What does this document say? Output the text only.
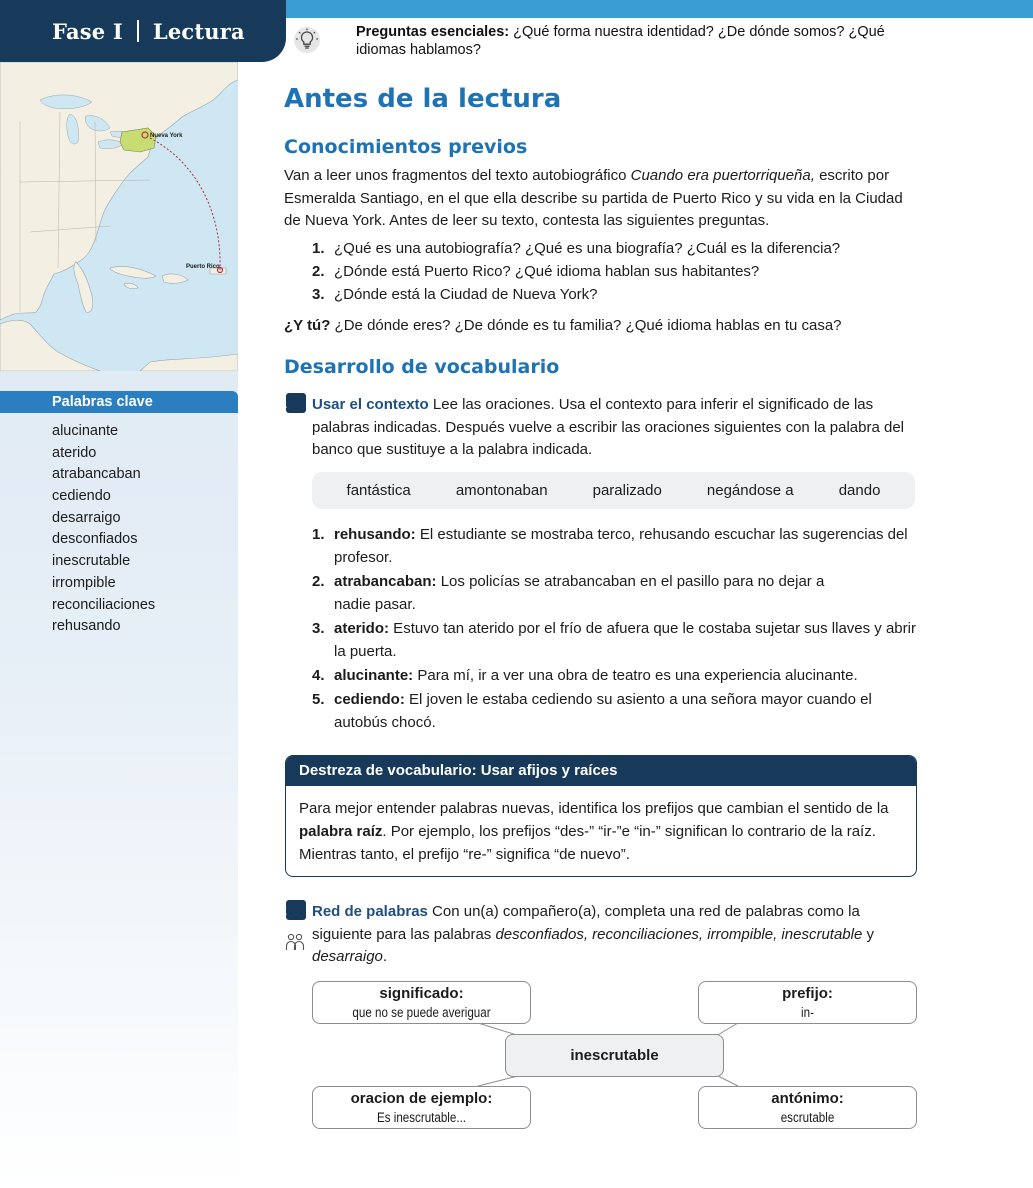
Fase I Lectura	Preguntas esenciales: ¿Qué forma nuestra identidad? ¿De dónde somos? ¿Qué idiomas hablamos?
Nueva York
Puerto Rico
Palabras clave
alucinante
aterido
atrabancaban
cediendo
desarraigo
desconfiados
inescrutable
irrompible
reconciliaciones
rehusando
Antes de la lectura
Conocimientos previos

Van a leer unos fragmentos del texto autobiográfico Cuando era puertorriqueña, escrito por Esmeralda Santiago, en el que ella describe su partida de Puerto Rico y su vida en la Ciudad de Nueva York. Antes de leer su texto, contesta las siguientes preguntas.

1. ¿Qué es una autobiografía? ¿Qué es una biografía? ¿Cuál es la diferencia?
2. ¿Dónde está Puerto Rico? ¿Qué idioma hablan sus habitantes?
3. ¿Dónde está la Ciudad de Nueva York?

¿Y tú? ¿De dónde eres? ¿De dónde es tu familia? ¿Qué idioma hablas en tu casa?

Desarrollo de vocabulario
1 Usar el contexto Lee las oraciones. Usa el contexto para inferir el significado de las palabras indicadas. Después vuelve a escribir las oraciones siguientes con la palabra del banco que sustituye a la palabra indicada.
fantástica	amontonaban	paralizado	negándose a	dando
1. rehusando: El estudiante se mostraba terco, rehusando escuchar las sugerencias del profesor.
2. atrabancaban: Los policías se atrabancaban en el pasillo para no dejar a nadie pasar.
3. aterido: Estuvo tan aterido por el frío de afuera que le costaba sujetar sus llaves y abrir la puerta.
4. alucinante: Para mí, ir a ver una obra de teatro es una experiencia alucinante.
5. cediendo: El joven le estaba cediendo su asiento a una señora mayor cuando el autobús chocó.
Destreza de vocabulario: Usar afijos y raíces
Para mejor entender palabras nuevas, identifica los prefijos que cambian el sentido de la palabra raíz. Por ejemplo, los prefijos “des-” “ir-”e “in-” significan lo contrario de la raíz. Mientras tanto, el prefijo “re-” significa “de nuevo”.
2 Red de palabras Con un(a) compañero(a), completa una red de palabras como la siguiente para las palabras desconfiados, reconciliaciones, irrompible, inescrutable y desarraigo.
significado:
que no se puede averiguar
prefijo:
in-
inescrutable
oracion de ejemplo:
Es inescrutable...
antónimo:
escrutable
